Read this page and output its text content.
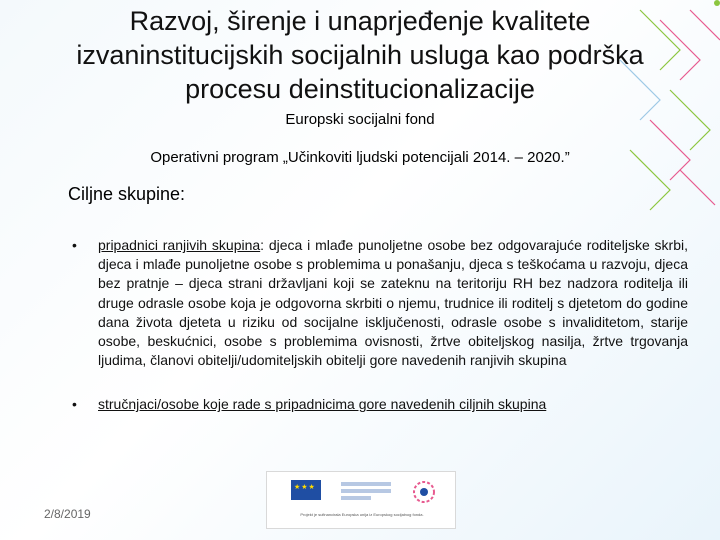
Razvoj, širenje i unaprjeđenje kvalitete izvaninstitucijskih socijalnih usluga kao podrška procesu deinstitucionalizacije
Europski socijalni fond
Operativni program „Učinkoviti ljudski potencijali 2014. – 2020.”
Ciljne skupine:
• pripadnici ranjivih skupina: djeca i mlađe punoljetne osobe bez odgovarajuće roditeljske skrbi, djeca i mlađe punoljetne osobe s problemima u ponašanju, djeca s teškoćama u razvoju, djeca bez pratnje – djeca strani državljani koji se zateknu na teritoriju RH bez nadzora roditelja ili druge odrasle osobe koja je odgovorna skrbiti o njemu, trudnice ili roditelj s djetetom do godine dana života djeteta u riziku od socijalne isključenosti, odrasle osobe s invaliditetom, starije osobe, beskućnici, osobe s problemima ovisnosti, žrtve obiteljskog nasilja, žrtve trgovanja ljudima, članovi obitelji/udomiteljskih obitelji gore navedenih ranjivih skupina
• stručnjaci/osobe koje rade s pripadnicima gore navedenih ciljnih skupina
2/8/2019
★★★	Projekt je sufinancirala Europska unija iz Europskog socijalnog fonda.
